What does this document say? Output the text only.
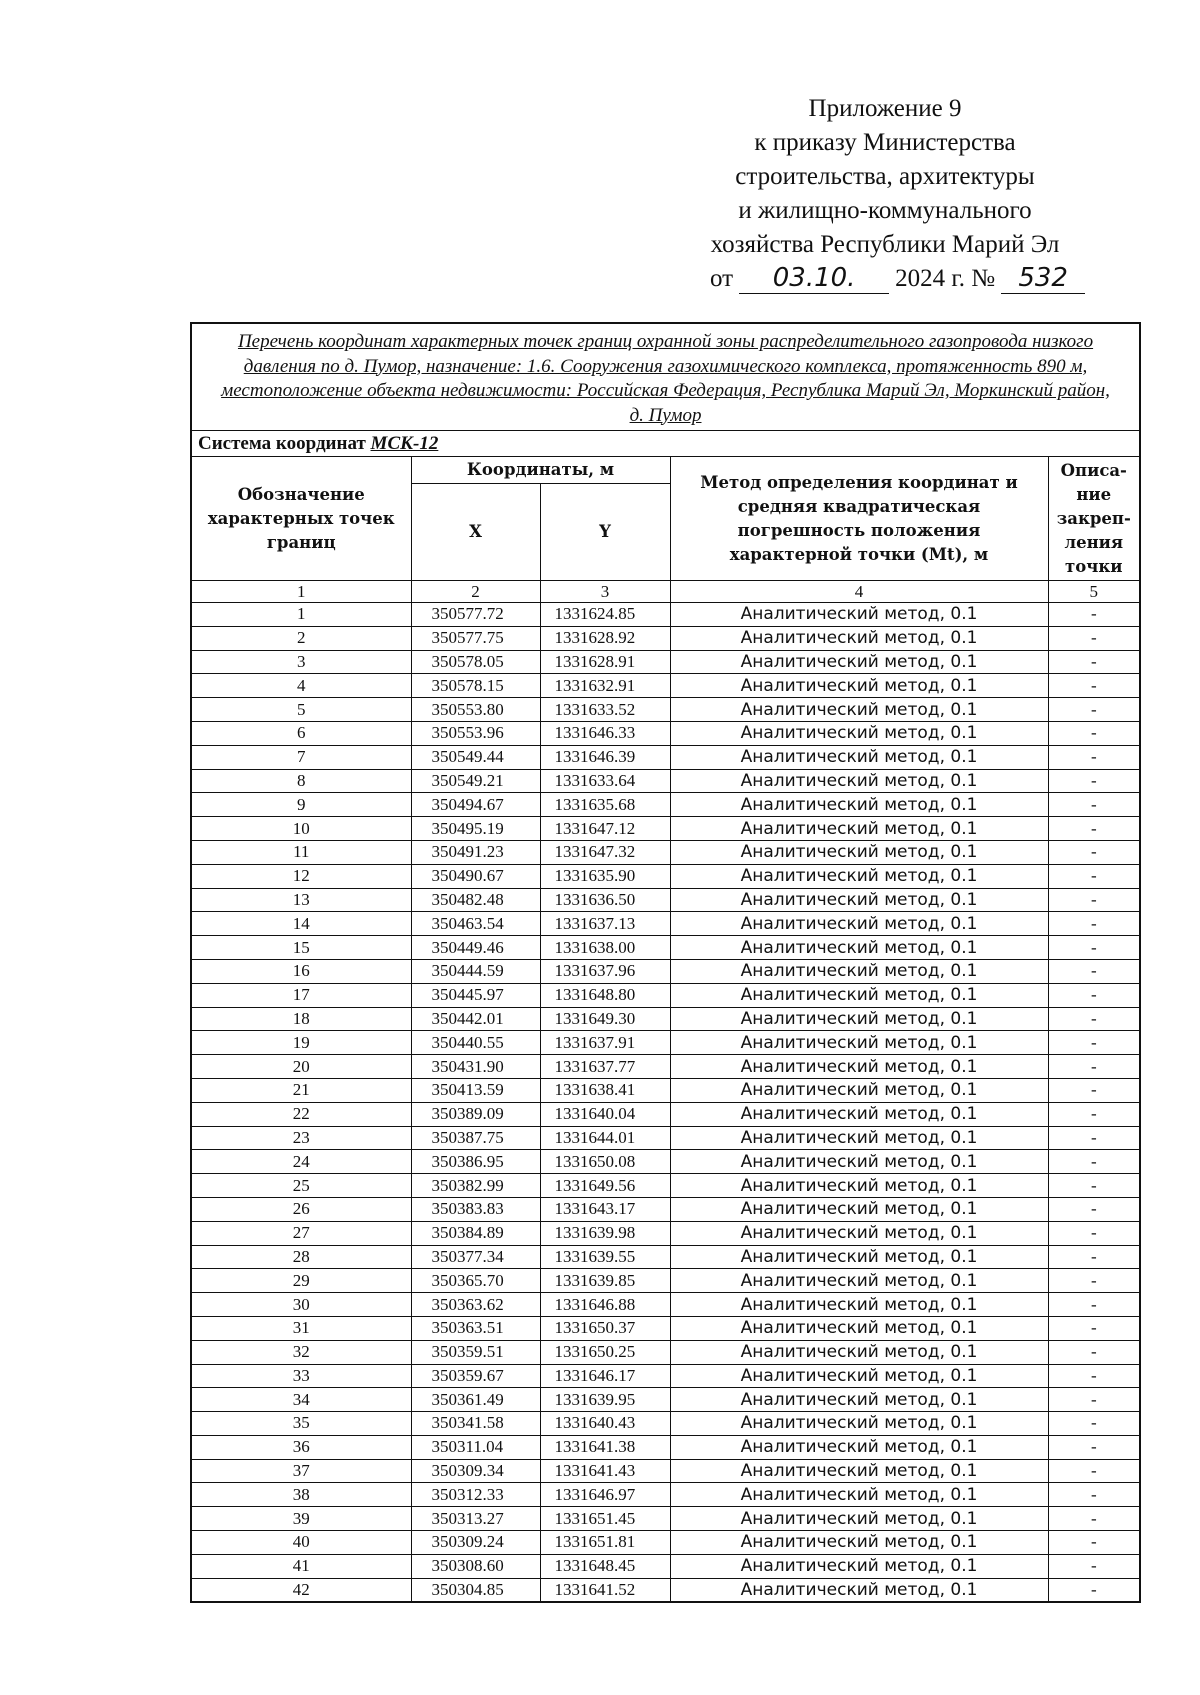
Приложение 9
к приказу Министерства
строительства, архитектуры
и жилищно-коммунального
хозяйства Республики Марий Эл
от	03.10.	2024 г. № 532
Перечень координат характерных точек границ охранной зоны распределительного газопровода низкого давления по д. Пумор, назначение: 1.6. Сооружения газохимического комплекса, протяженность 890 м, местоположение объекта недвижимости: Российская Федерация, Республика Марий Эл, Моркинский район, д. Пумор				
Система координат МСК-12				
Обозначение характерных точек границ	Координаты, м		Метод определения координат и средняя квадратическая погрешность положения характерной точки (Mt), м	Описа-ние закреп-ления точки
	X	Y		
1	2	3	4	5
1	350577.72	1331624.85	Аналитический метод, 0.1	-
2	350577.75	1331628.92	Аналитический метод, 0.1	-
3	350578.05	1331628.91	Аналитический метод, 0.1	-
4	350578.15	1331632.91	Аналитический метод, 0.1	-
5	350553.80	1331633.52	Аналитический метод, 0.1	-
6	350553.96	1331646.33	Аналитический метод, 0.1	-
7	350549.44	1331646.39	Аналитический метод, 0.1	-
8	350549.21	1331633.64	Аналитический метод, 0.1	-
9	350494.67	1331635.68	Аналитический метод, 0.1	-
10	350495.19	1331647.12	Аналитический метод, 0.1	-
11	350491.23	1331647.32	Аналитический метод, 0.1	-
12	350490.67	1331635.90	Аналитический метод, 0.1	-
13	350482.48	1331636.50	Аналитический метод, 0.1	-
14	350463.54	1331637.13	Аналитический метод, 0.1	-
15	350449.46	1331638.00	Аналитический метод, 0.1	-
16	350444.59	1331637.96	Аналитический метод, 0.1	-
17	350445.97	1331648.80	Аналитический метод, 0.1	-
18	350442.01	1331649.30	Аналитический метод, 0.1	-
19	350440.55	1331637.91	Аналитический метод, 0.1	-
20	350431.90	1331637.77	Аналитический метод, 0.1	-
21	350413.59	1331638.41	Аналитический метод, 0.1	-
22	350389.09	1331640.04	Аналитический метод, 0.1	-
23	350387.75	1331644.01	Аналитический метод, 0.1	-
24	350386.95	1331650.08	Аналитический метод, 0.1	-
25	350382.99	1331649.56	Аналитический метод, 0.1	-
26	350383.83	1331643.17	Аналитический метод, 0.1	-
27	350384.89	1331639.98	Аналитический метод, 0.1	-
28	350377.34	1331639.55	Аналитический метод, 0.1	-
29	350365.70	1331639.85	Аналитический метод, 0.1	-
30	350363.62	1331646.88	Аналитический метод, 0.1	-
31	350363.51	1331650.37	Аналитический метод, 0.1	-
32	350359.51	1331650.25	Аналитический метод, 0.1	-
33	350359.67	1331646.17	Аналитический метод, 0.1	-
34	350361.49	1331639.95	Аналитический метод, 0.1	-
35	350341.58	1331640.43	Аналитический метод, 0.1	-
36	350311.04	1331641.38	Аналитический метод, 0.1	-
37	350309.34	1331641.43	Аналитический метод, 0.1	-
38	350312.33	1331646.97	Аналитический метод, 0.1	-
39	350313.27	1331651.45	Аналитический метод, 0.1	-
40	350309.24	1331651.81	Аналитический метод, 0.1	-
41	350308.60	1331648.45	Аналитический метод, 0.1	-
42	350304.85	1331641.52	Аналитический метод, 0.1	-
